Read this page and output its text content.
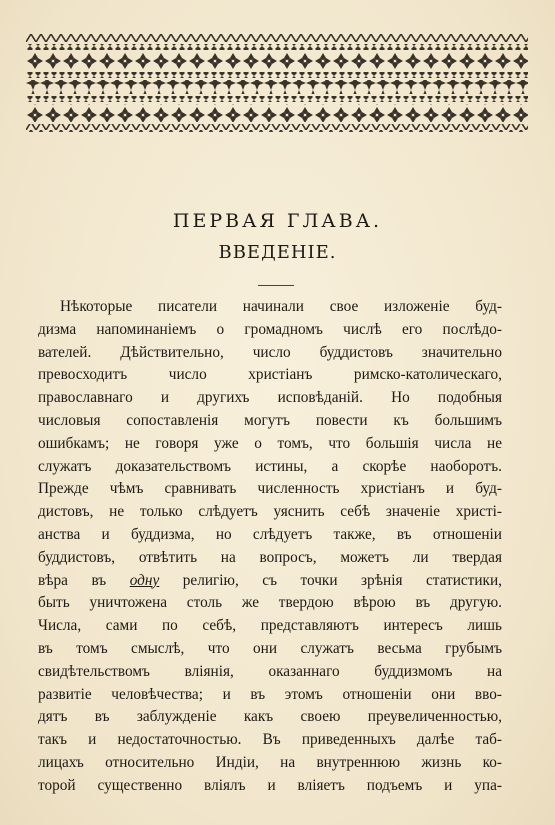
ПЕРВАЯ ГЛАВА.
ВВЕДЕНІЕ.
Нѣкоторые писатели начинали свое изложеніе буд-
дизма напоминаніемъ о громадномъ числѣ его послѣдо-
вателей. Дѣйствительно, число буддистовъ значительно
превосходитъ число христіанъ римско-католическаго,
православнаго и другихъ исповѣданій. Но подобныя
числовыя сопоставленія могутъ повести къ большимъ
ошибкамъ; не говоря уже о томъ, что большія числа не
служатъ доказательствомъ истины, а скорѣе наоборотъ.
Прежде чѣмъ сравнивать численность христіанъ и буд-
дистовъ, не только слѣдуетъ уяснить себѣ значеніе христі-
анства и буддизма, но слѣдуетъ также, въ отношеніи
буддистовъ, отвѣтить на вопросъ, можетъ ли твердая
вѣра въ одну религію, съ точки зрѣнія статистики,
быть уничтожена столь же твердою вѣрою въ другую.
Числа, сами по себѣ, представляютъ интересъ лишь
въ томъ смыслѣ, что они служатъ весьма грубымъ
свидѣтельствомъ вліянія, оказаннаго буддизмомъ на
развитіе человѣчества; и въ этомъ отношеніи они вво-
дятъ въ заблужденіе какъ своею преувеличенностью,
такъ и недостаточностью. Въ приведенныхъ далѣе таб-
лицахъ относительно Индіи, на внутреннюю жизнь ко-
торой существенно вліялъ и вліяетъ подъемъ и упа-
